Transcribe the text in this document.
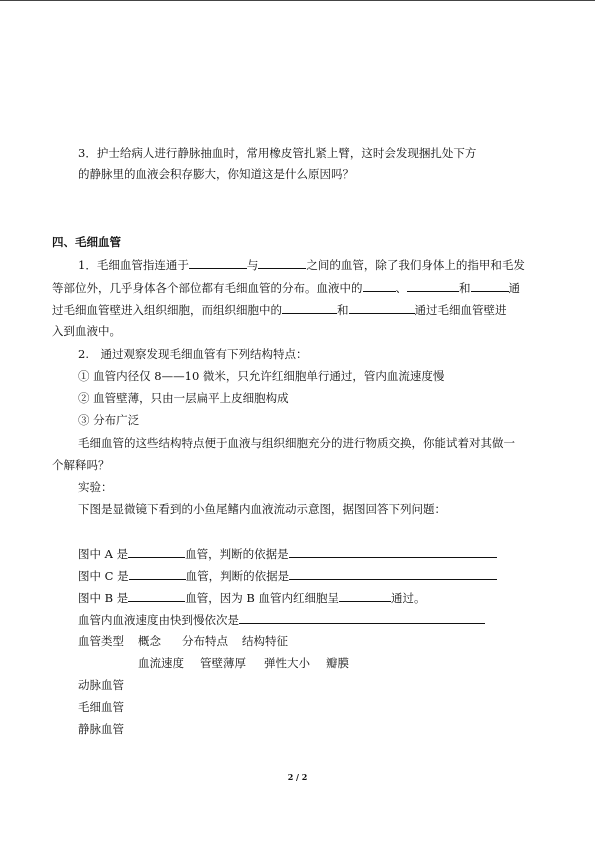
3．护士给病人进行静脉抽血时，常用橡皮管扎紧上臂，这时会发现捆扎处下方
的静脉里的血液会积存膨大，你知道这是什么原因吗？
四、毛细血管
1．毛细血管指连通于	与	之间的血管，除了我们身体上的指甲和毛发
等部位外，几乎身体各个部位都有毛细血管的分布。血液中的	、	和	通
过毛细血管壁进入组织细胞，而组织细胞中的	和	通过毛细血管壁进
入到血液中。
2.　通过观察发现毛细血管有下列结构特点：
① 血管内径仅 8——10 微米，只允许红细胞单行通过，管内血流速度慢
② 血管壁薄，只由一层扁平上皮细胞构成
③ 分布广泛
毛细血管的这些结构特点便于血液与组织细胞充分的进行物质交换，你能试着对其做一
个解释吗？
实验：
下图是显微镜下看到的小鱼尾鳍内血液流动示意图，据图回答下列问题：
图中 A 是	血管，判断的依据是
图中 C 是	血管，判断的依据是
图中 B 是	血管，因为 B 血管内红细胞呈	通过。
血管内血液速度由快到慢依次是
血管类型 概念 分布特点 结构特征
血流速度 管壁薄厚 弹性大小 瓣膜
动脉血管
毛细血管
静脉血管
2 / 2
